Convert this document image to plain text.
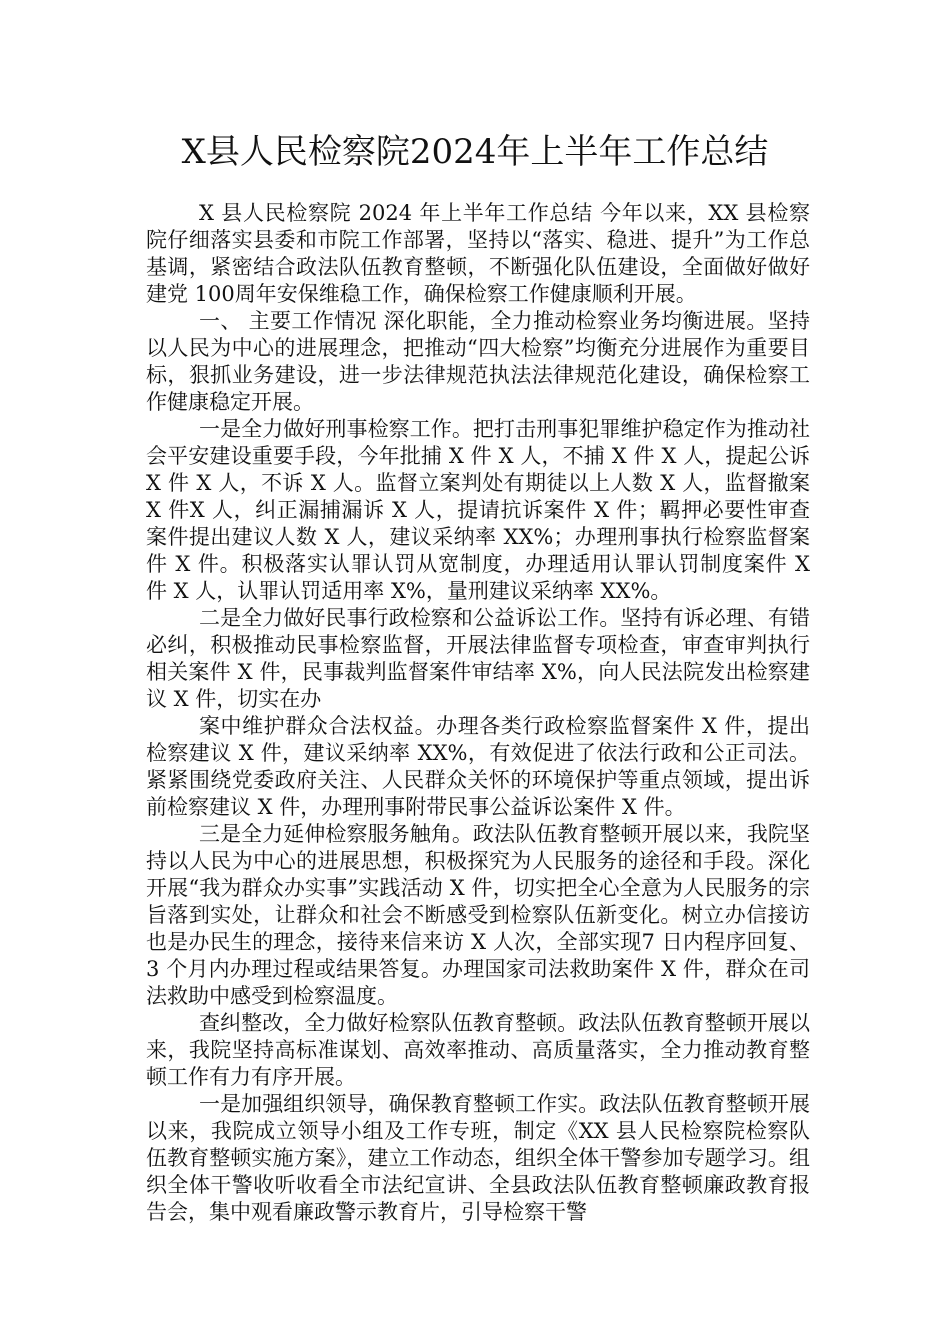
X县人民检察院2024年上半年工作总结

X 县人民检察院 2024 年上半年工作总结 今年以来，XX 县检察院仔细落实县委和市院工作部署，坚持以“落实、稳进、提升”为工作总基调，紧密结合政法队伍教育整顿，不断强化队伍建设，全面做好做好建党 100周年安保维稳工作，确保检察工作健康顺利开展。

一、 主要工作情况 深化职能，全力推动检察业务均衡进展。坚持以人民为中心的进展理念，把推动“四大检察”均衡充分进展作为重要目标，狠抓业务建设，进一步法律规范执法法律规范化建设，确保检察工作健康稳定开展。

一是全力做好刑事检察工作。把打击刑事犯罪维护稳定作为推动社会平安建设重要手段，今年批捕 X 件 X 人，不捕 X 件 X 人，提起公诉 X 件 X 人，不诉 X 人。监督立案判处有期徒以上人数 X 人，监督撤案 X 件X 人，纠正漏捕漏诉 X 人，提请抗诉案件 X 件；羁押必要性审查案件提出建议人数 X 人，建议采纳率 XX%；办理刑事执行检察监督案件 X 件。积极落实认罪认罚从宽制度，办理适用认罪认罚制度案件 X 件 X 人，认罪认罚适用率 X%，量刑建议采纳率 XX%。

二是全力做好民事行政检察和公益诉讼工作。坚持有诉必理、有错必纠，积极推动民事检察监督，开展法律监督专项检查，审查审判执行相关案件 X 件，民事裁判监督案件审结率 X%，向人民法院发出检察建议 X 件，切实在办

案中维护群众合法权益。办理各类行政检察监督案件 X 件，提出检察建议 X 件，建议采纳率 XX%，有效促进了依法行政和公正司法。紧紧围绕党委政府关注、人民群众关怀的环境保护等重点领域，提出诉前检察建议 X 件，办理刑事附带民事公益诉讼案件 X 件。

三是全力延伸检察服务触角。政法队伍教育整顿开展以来，我院坚持以人民为中心的进展思想，积极探究为人民服务的途径和手段。深化开展“我为群众办实事”实践活动 X 件，切实把全心全意为人民服务的宗旨落到实处，让群众和社会不断感受到检察队伍新变化。树立办信接访也是办民生的理念，接待来信来访 X 人次，全部实现7 日内程序回复、3 个月内办理过程或结果答复。办理国家司法救助案件 X 件，群众在司法救助中感受到检察温度。

查纠整改，全力做好检察队伍教育整顿。政法队伍教育整顿开展以来，我院坚持高标准谋划、高效率推动、高质量落实，全力推动教育整顿工作有力有序开展。

一是加强组织领导，确保教育整顿工作实。政法队伍教育整顿开展以来，我院成立领导小组及工作专班，制定《XX 县人民检察院检察队伍教育整顿实施方案》，建立工作动态，组织全体干警参加专题学习。组织全体干警收听收看全市法纪宣讲、全县政法队伍教育整顿廉政教育报告会，集中观看廉政警示教育片，引导检察干警
